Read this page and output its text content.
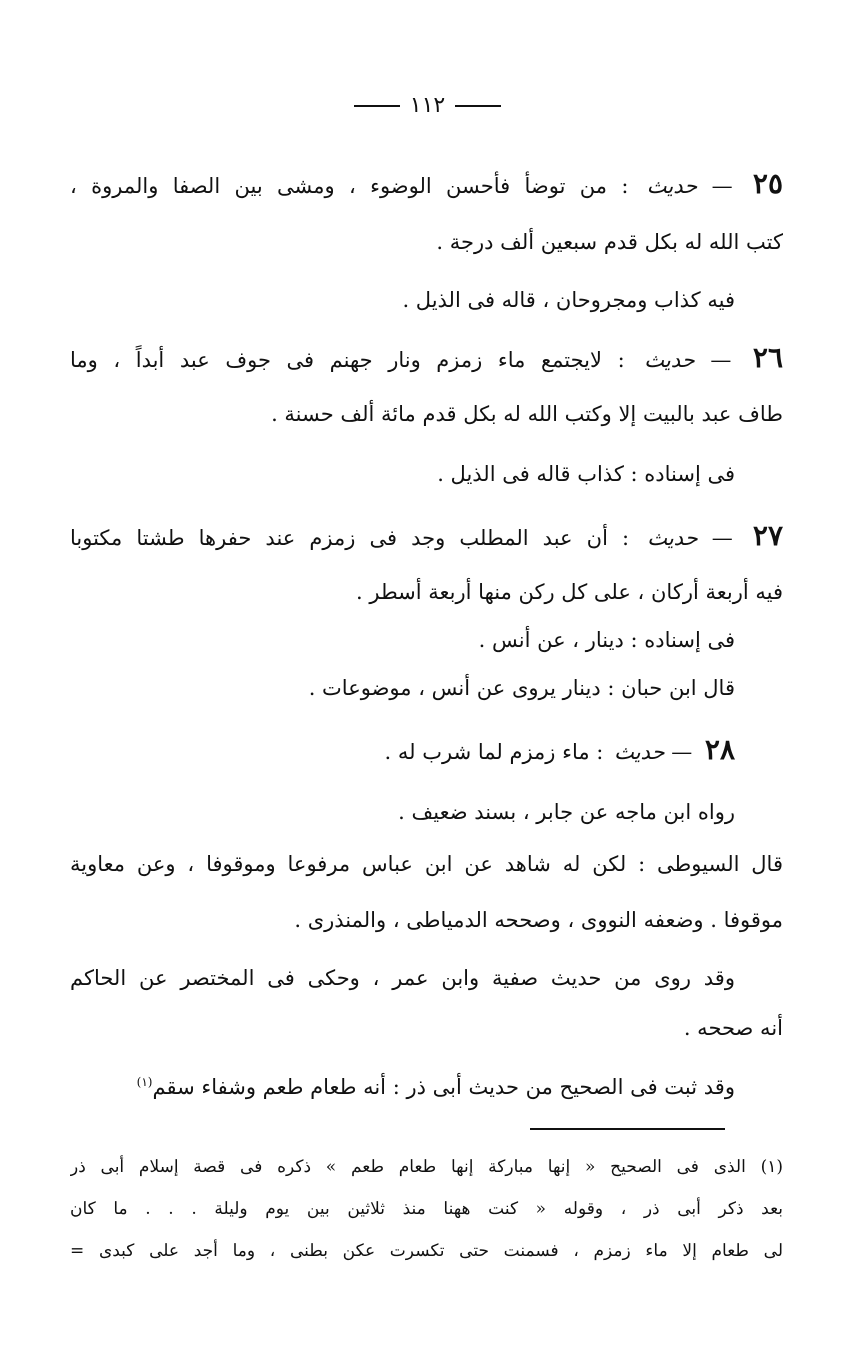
١١٢
٢٥ — حديث : من توضأ فأحسن الوضوء ، ومشى بين الصفا والمروة ،
كتب الله له بكل قدم سبعين ألف درجة .
فيه كذاب ومجروحان ، قاله فى الذيل .
٢٦ — حديث : لايجتمع ماء زمزم ونار جهنم فى جوف عبد أبداً ، وما
طاف عبد بالبيت إلا وكتب الله له بكل قدم مائة ألف حسنة .
فى إسناده : كذاب قاله فى الذيل .
٢٧ — حديث : أن عبد المطلب وجد فى زمزم عند حفرها طشتا مكتوبا
فيه أربعة أركان ، على كل ركن منها أربعة أسطر .
فى إسناده : دينار ، عن أنس .
قال ابن حبان : دينار يروى عن أنس ، موضوعات .
٢٨ — حديث : ماء زمزم لما شرب له .
رواه ابن ماجه عن جابر ، بسند ضعيف .
قال السيوطى : لكن له شاهد عن ابن عباس مرفوعا وموقوفا ، وعن معاوية
موقوفا . وضعفه النووى ، وصححه الدمياطى ، والمنذرى .
وقد روى من حديث صفية وابن عمر ، وحكى فى المختصر عن الحاكم
أنه صححه .
وقد ثبت فى الصحيح من حديث أبى ذر : أنه طعام طعم وشفاء سقم$^{(١)}$
(١) الذى فى الصحيح « إنها مباركة إنها طعام طعم » ذكره فى قصة إسلام أبى ذر
بعد ذكر أبى ذر ، وقوله « كنت ههنا منذ ثلاثين بين يوم وليلة . . . ما كان
لى طعام إلا ماء زمزم ، فسمنت حتى تكسرت عكن بطنى ، وما أجد على كبدى =
